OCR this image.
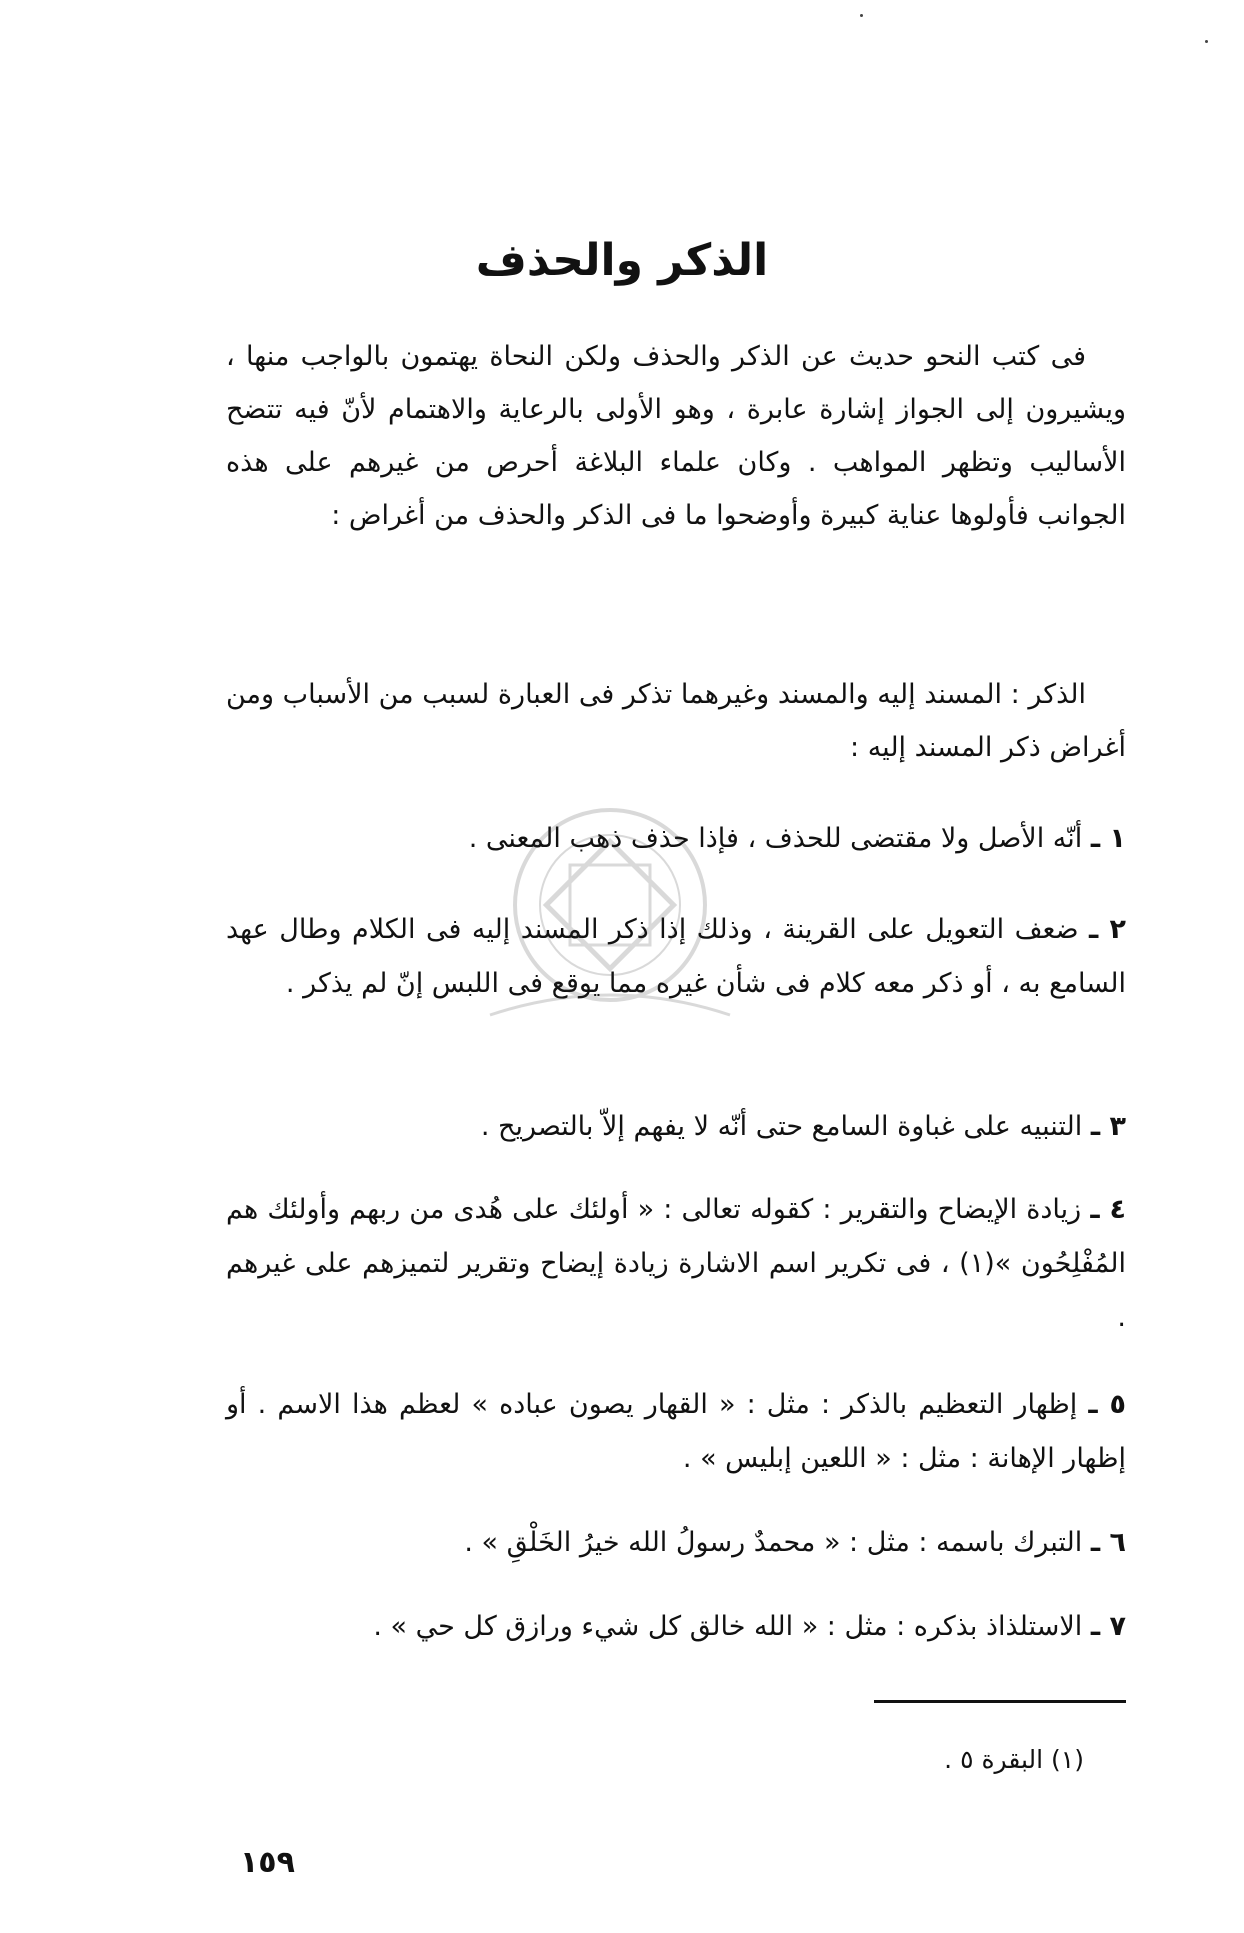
الذكر والحذف
فى كتب النحو حديث عن الذكر والحذف ولكن النحاة يهتمون بالواجب منها ، ويشيرون إلى الجواز إشارة عابرة ، وهو الأولى بالرعاية والاهتمام لأنّ فيه تتضح الأساليب وتظهر المواهب . وكان علماء البلاغة أحرص من غيرهم على هذه الجوانب فأولوها عناية كبيرة وأوضحوا ما فى الذكر والحذف من أغراض :
الذكر : المسند إليه والمسند وغيرهما تذكر فى العبارة لسبب من الأسباب ومن أغراض ذكر المسند إليه :
١ ـ أنّه الأصل ولا مقتضى للحذف ، فإذا حذف ذهب المعنى .
٢ ـ ضعف التعويل على القرينة ، وذلك إذا ذكر المسند إليه فى الكلام وطال عهد السامع به ، أو ذكر معه كلام فى شأن غيره مما يوقع فى اللبس إنّ لم يذكر .
٣ ـ التنبيه على غباوة السامع حتى أنّه لا يفهم إلاّ بالتصريح .
٤ ـ زيادة الإيضاح والتقرير : كقوله تعالى : « أولئك على هُدى من ربهم وأولئك هم المُفْلِحُون »(١) ، فى تكرير اسم الاشارة زيادة إيضاح وتقرير لتميزهم على غيرهم .
٥ ـ إظهار التعظيم بالذكر : مثل : « القهار يصون عباده » لعظم هذا الاسم . أو إظهار الإهانة : مثل : « اللعين إبليس » .
٦ ـ التبرك باسمه : مثل : « محمدٌ رسولُ الله خيرُ الخَلْقِ » .
٧ ـ الاستلذاذ بذكره : مثل : « الله خالق كل شيء ورازق كل حي » .
(١) البقرة ٥ .
١٥٩
